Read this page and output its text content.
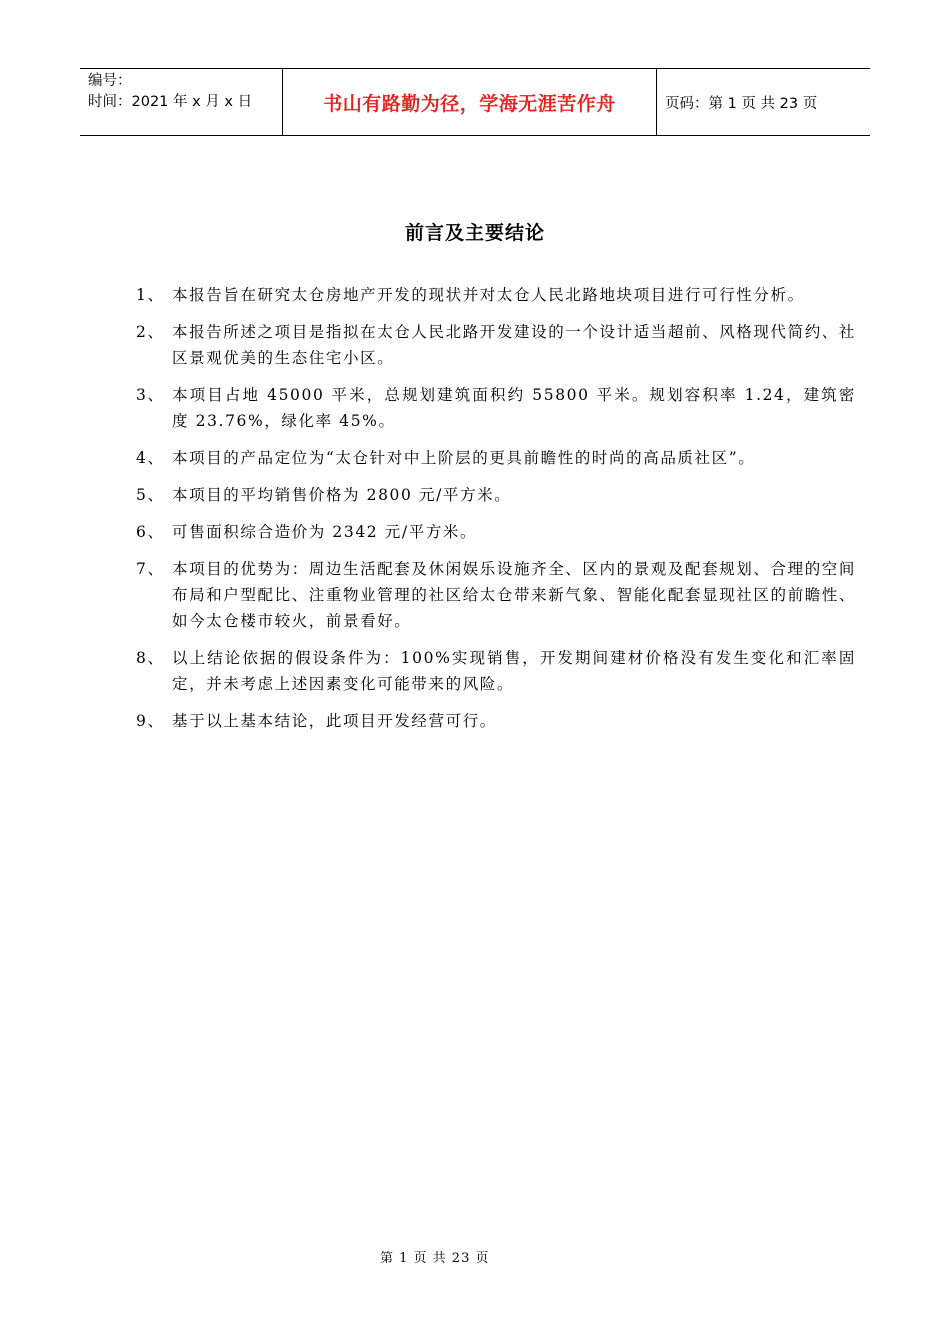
编号：
时间：2021 年 x 月 x 日	书山有路勤为径，学海无涯苦作舟	页码：第 1 页 共 23 页
前言及主要结论
1、 本报告旨在研究太仓房地产开发的现状并对太仓人民北路地块项目进行可行性分析。
2、 本报告所述之项目是指拟在太仓人民北路开发建设的一个设计适当超前、风格现代简约、社区景观优美的生态住宅小区。
3、 本项目占地 45000 平米，总规划建筑面积约 55800 平米。规划容积率 1.24，建筑密度 23.76%，绿化率 45%。
4、 本项目的产品定位为“太仓针对中上阶层的更具前瞻性的时尚的高品质社区”。
5、 本项目的平均销售价格为 2800 元/平方米。
6、 可售面积综合造价为 2342 元/平方米。
7、 本项目的优势为：周边生活配套及休闲娱乐设施齐全、区内的景观及配套规划、合理的空间布局和户型配比、注重物业管理的社区给太仓带来新气象、智能化配套显现社区的前瞻性、如今太仓楼市较火，前景看好。
8、 以上结论依据的假设条件为：100%实现销售，开发期间建材价格没有发生变化和汇率固定，并未考虑上述因素变化可能带来的风险。
9、 基于以上基本结论，此项目开发经营可行。
第 1 页 共 23 页
